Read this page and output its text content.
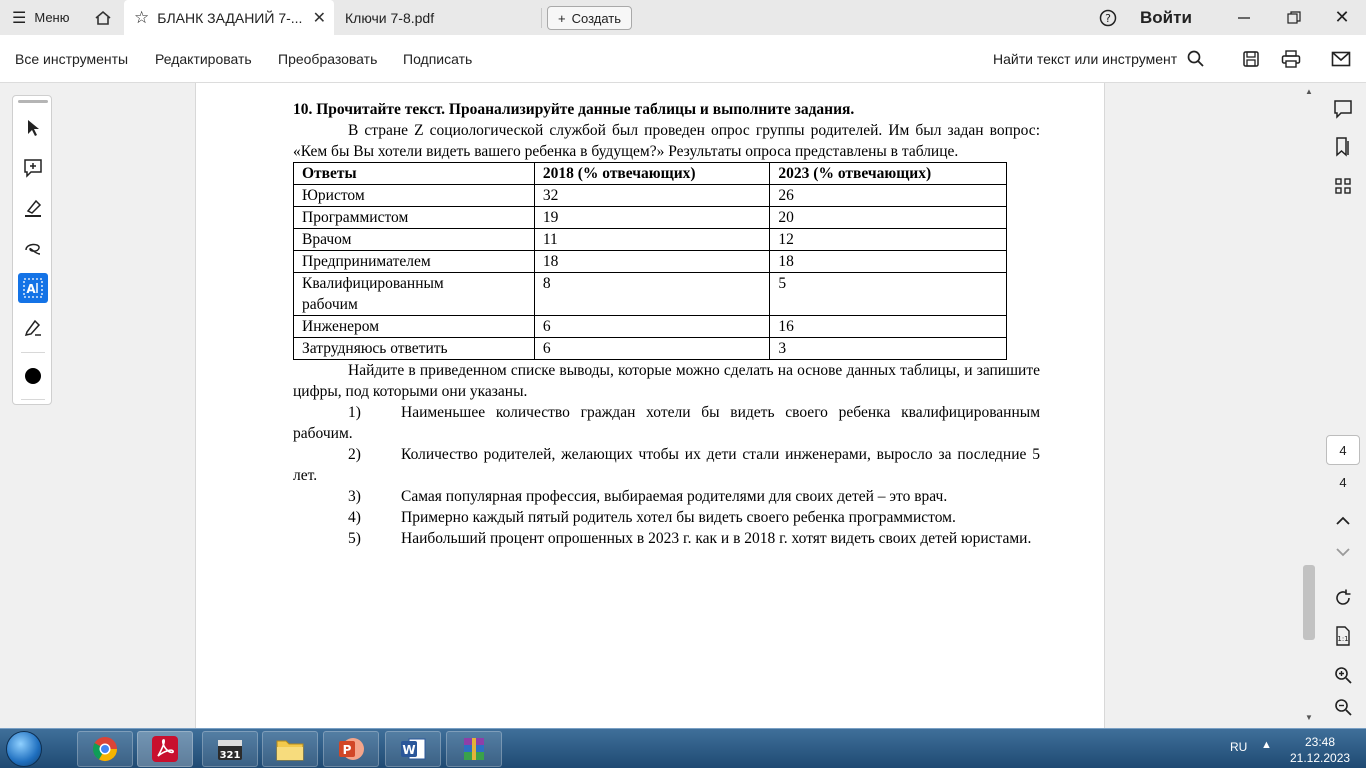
☰ Меню	☆ БЛАНК ЗАДАНИЙ 7-... ✕ Ключи 7-8.pdf	+ Создать	? Войти	✕
Все инструменты Редактировать Преобразовать Подписать	Найти текст или инструмент
A

10. Прочитайте текст. Проанализируйте данные таблицы и выполните задания.

В стране Z социологической службой был проведен опрос группы родителей. Им был задан вопрос: «Кем бы Вы хотели видеть вашего ребенка в будущем?» Результаты опроса представлены в таблице.

Ответы	2018 (% отвечающих)	2023 (% отвечающих)
Юристом	32	26
Программистом	19	20
Врачом	11	12
Предпринимателем	18	18
Квалифицированным рабочим	8	5
Инженером	6	16
Затрудняюсь ответить	6	3

Найдите в приведенном списке выводы, которые можно сделать на основе данных таблицы, и запишите цифры, под которыми они указаны.

1)	Наименьшее количество граждан хотели бы видеть своего ребенка квалифицированным рабочим.

2)	Количество родителей, желающих чтобы их дети стали инженерами, выросло за последние 5 лет.

3)	Самая популярная профессия, выбираемая родителями для своих детей – это врач.

4)	Примерно каждый пятый родитель хотел бы видеть своего ребенка программистом.

5)	Наибольший процент опрошенных в 2023 г. как и в 2018 г. хотят видеть своих детей юристами.

▲
▼
4
4
1:1
321	P	W	RU ▲	23:48
21.12.2023
